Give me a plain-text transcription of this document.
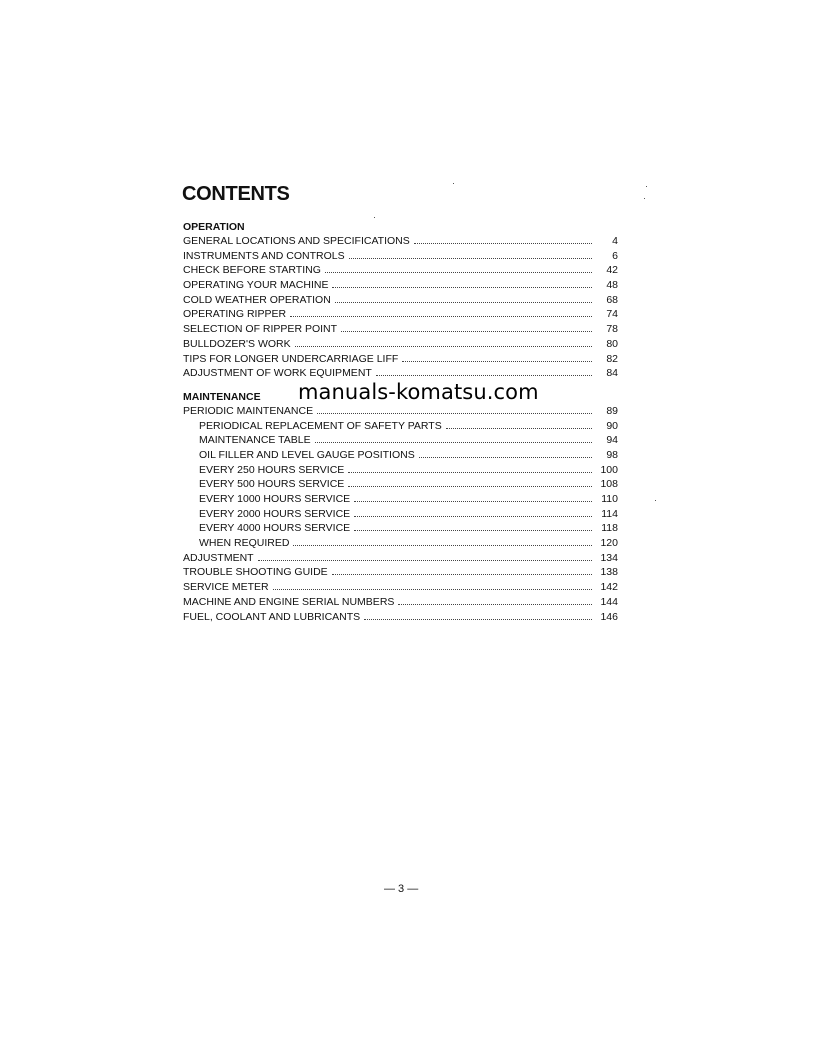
CONTENTS
OPERATION
GENERAL LOCATIONS AND SPECIFICATIONS	4
INSTRUMENTS AND CONTROLS	6
CHECK BEFORE STARTING	42
OPERATING YOUR MACHINE	48
COLD WEATHER OPERATION	68
OPERATING RIPPER	74
SELECTION OF RIPPER POINT	78
BULLDOZER'S WORK	80
TIPS FOR LONGER UNDERCARRIAGE LIFF	82
ADJUSTMENT OF WORK EQUIPMENT	84
MAINTENANCE
PERIODIC MAINTENANCE	89
PERIODICAL REPLACEMENT OF SAFETY PARTS	90
MAINTENANCE TABLE	94
OIL FILLER AND LEVEL GAUGE POSITIONS	98
EVERY 250 HOURS SERVICE	100
EVERY 500 HOURS SERVICE	108
EVERY 1000 HOURS SERVICE	110
EVERY 2000 HOURS SERVICE	114
EVERY 4000 HOURS SERVICE	118
WHEN REQUIRED	120
ADJUSTMENT	134
TROUBLE SHOOTING GUIDE	138
SERVICE METER	142
MACHINE AND ENGINE SERIAL NUMBERS	144
FUEL, COOLANT AND LUBRICANTS	146
manuals-komatsu.com
— 3 —
